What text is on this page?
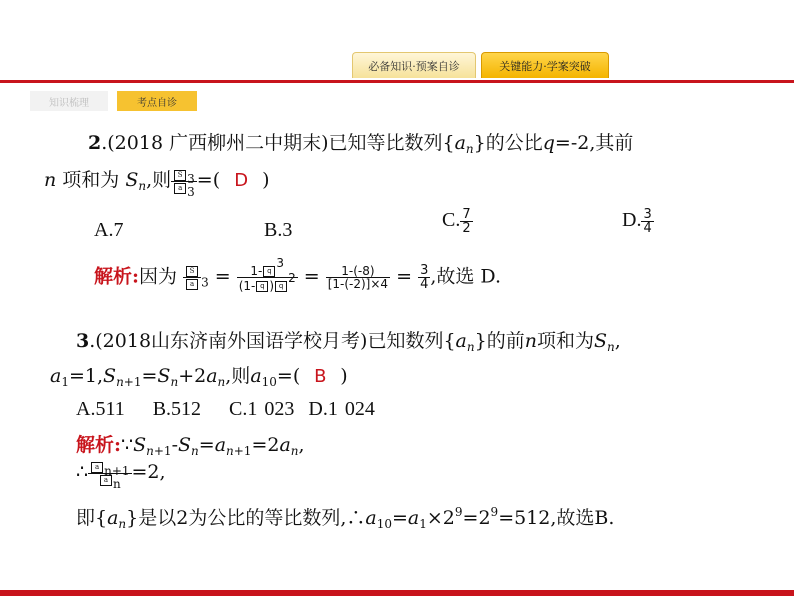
必备知识·预案自诊	关键能力·学案突破
知识梳理	考点自诊
2.(2018 广西柳州二中期末)已知等比数列$\{a_n\}$的公比q=-2,其前
n 项和为 $S_n$,则 $\frac{S _3}{a _3}$ =( D )
A.7	B.3	C. $\frac{7}{2}$	D. $\frac{3}{4}$
解析:因为 $\frac{S}{a} _3 = \frac{1- q^3}{(1- q ) q^2} = \frac{1-(-8)}{[1-(-2)]\times 4} = \frac{3}{4}$ ,故选 D.
3.(2018山东济南外国语学校月考)已知数列$\{a_n\}$的前n项和为$S_n$,
$a_1=1,S_{n+1}=S_n+2a_n$,则$a_{10}=$( B )
A.511    B.512    C.1 023  D.1 024
解析$:\because S_{n+1}-S_n=a_{n+1}=2a_n$,
∴ $\frac{a _{n+1}}{a _n} =2$,
即$\{a_n\}$是以2为公比的等比数列$,\therefore a_{10}=a_1\times 2^9=2^9=512$,故选B.
